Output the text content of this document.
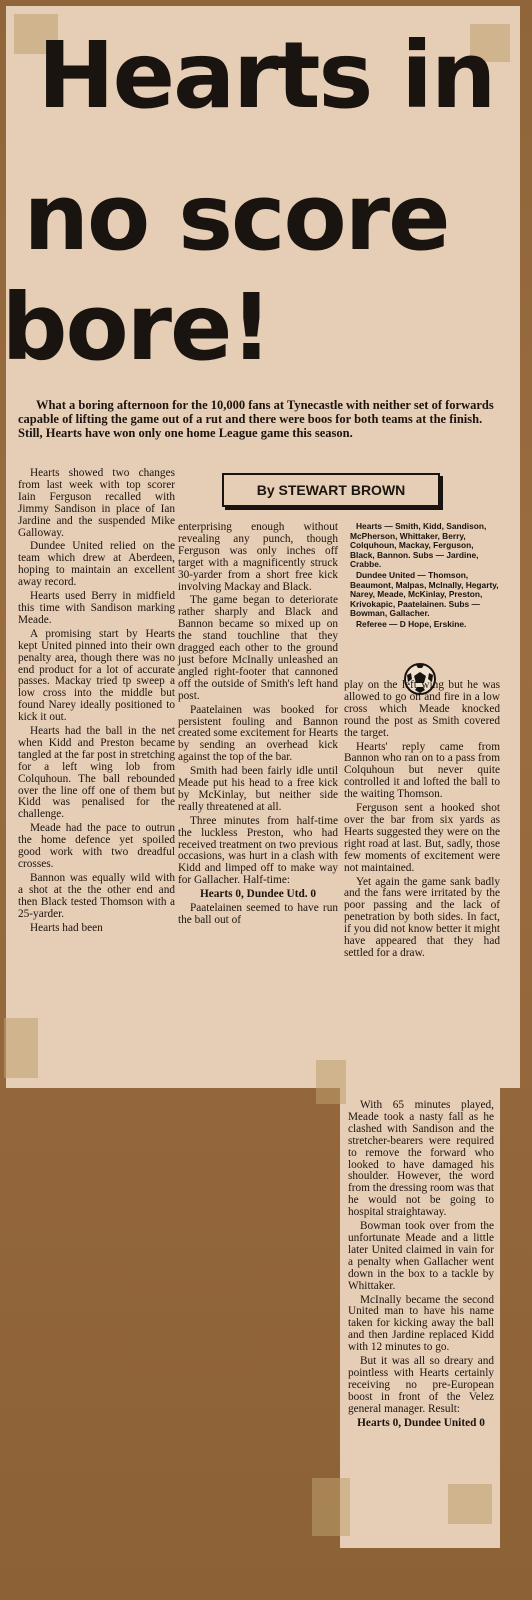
Hearts in
no score
bore!
What a boring afternoon for the 10,000 fans at Tynecastle with neither set of forwards capable of lifting the game out of a rut and there were boos for both teams at the finish. Still, Hearts have won only one home League game this season.
By STEWART BROWN

Hearts showed two changes from last week with top scorer Iain Ferguson recalled with Jimmy Sandison in place of Ian Jardine and the suspended Mike Galloway.

Dundee United relied on the team which drew at Aberdeen, hoping to maintain an excellent away record.

Hearts used Berry in midfield this time with Sandison marking Meade.

A promising start by Hearts kept United pinned into their own penalty area, though there was no end product for a lot of accurate passes. Mackay tried tp sweep a low cross into the middle but found Narey ideally positioned to kick it out.

Hearts had the ball in the net when Kidd and Preston became tangled at the far post in stretching for a left wing lob from Colquhoun. The ball rebounded over the line off one of them but Kidd was penalised for the challenge.

Meade had the pace to outrun the home defence yet spoiled good work with two dreadful crosses.

Bannon was equally wild with a shot at the the other end and then Black tested Thomson with a 25-yarder.

Hearts had been

enterprising enough without revealing any punch, though Ferguson was only inches off target with a magnificently struck 30-yarder from a short free kick involving Mackay and Black.

The game began to deteriorate rather sharply and Black and Bannon became so mixed up on the stand touchline that they dragged each other to the ground just before McInally unleashed an angled right-footer that cannoned off the outside of Smith's left hand post.

Paatelainen was booked for persistent fouling and Bannon created some excitement for Hearts by sending an overhead kick against the top of the bar.

Smith had been fairly idle until Meade put his head to a free kick by McKinlay, but neither side really threatened at all.

Three minutes from half-time the luckless Preston, who had received treatment on two previous occasions, was hurt in a clash with Kidd and limped off to make way for Gallacher. Half-time:

Hearts 0, Dundee Utd. 0

Paatelainen seemed to have run the ball out of

Hearts — Smith, Kidd, Sandison, McPherson, Whittaker, Berry, Colquhoun, Mackay, Ferguson, Black, Bannon. Subs — Jardine, Crabbe.

Dundee United — Thomson, Beaumont, Malpas, McInally, Hegarty, Narey, Meade, McKinlay, Preston, Krivokapic, Paatelainen. Subs — Bowman, Gallacher.

Referee — D Hope, Erskine.

play on the left wing but he was allowed to go on and fire in a low cross which Meade knocked round the post as Smith covered the target.

Hearts' reply came from Bannon who ran on to a pass from Colquhoun but never quite controlled it and lofted the ball to the waiting Thomson.

Ferguson sent a hooked shot over the bar from six yards as Hearts suggested they were on the right road at last. But, sadly, those few moments of excitement were not maintained.

Yet again the game sank badly and the fans were irritated by the poor passing and the lack of penetration by both sides. In fact, if you did not know better it might have appeared that they had settled for a draw.

With 65 minutes played, Meade took a nasty fall as he clashed with Sandison and the stretcher-bearers were required to remove the forward who looked to have damaged his shoulder. However, the word from the dressing room was that he would not be going to hospital straightaway.

Bowman took over from the unfortunate Meade and a little later United claimed in vain for a penalty when Gallacher went down in the box to a tackle by Whittaker.

McInally became the second United man to have his name taken for kicking away the ball and then Jardine replaced Kidd with 12 minutes to go.

But it was all so dreary and pointless with Hearts certainly receiving no pre-European boost in front of the Velez general manager. Result:

Hearts 0, Dundee United 0
